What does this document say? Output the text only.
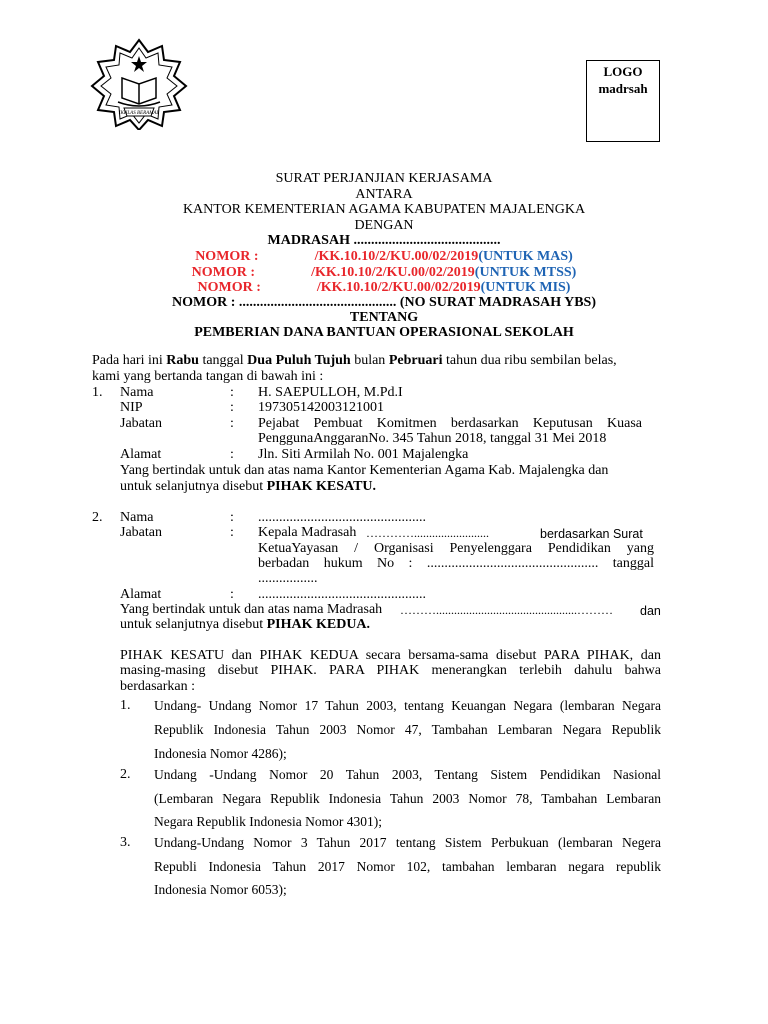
IKHLAS BERAMAL
LOGO
madrsah
SURAT PERJANJIAN KERJASAMA
ANTARA
KANTOR KEMENTERIAN AGAMA KABUPATEN MAJALENGKA
DENGAN
MADRASAH ..........................................
NOMOR :	/KK.10.10/2/KU.00/02/2019(UNTUK MAS)
NOMOR :	/KK.10.10/2/KU.00/02/2019(UNTUK MTSS)
NOMOR :	/KK.10.10/2/KU.00/02/2019(UNTUK MIS)
NOMOR : ............................................. (NO SURAT MADRASAH YBS)
TENTANG
PEMBERIAN DANA BANTUAN OPERASIONAL SEKOLAH
Pada hari ini Rabu tanggal Dua Puluh Tujuh bulan Pebruari tahun dua ribu sembilan belas,
kami yang bertanda tangan di bawah ini :
1. Nama	: H. SAEPULLOH, M.Pd.I
NIP	: 197305142003121001
Jabatan	: Pejabat Pembuat Komitmen berdasarkan Keputusan Kuasa
PenggunaAnggaranNo. 345 Tahun 2018, tanggal 31 Mei 2018
Alamat	: Jln. Siti Armilah No. 001 Majalengka
Yang bertindak untuk dan atas nama Kantor Kementerian Agama Kab. Majalengka dan
untuk selanjutnya disebut PIHAK KESATU.
2. Nama	: ................................................
Jabatan	: Kepala Madrasah ………….........................	berdasarkan Surat
KetuaYayasan / Organisasi Penyelenggara Pendidikan yang
berbadan hukum No : ................................................. tanggal
.................
Alamat	: ................................................
Yang bertindak untuk dan atas nama Madrasah ………...............................................……… dan
untuk selanjutnya disebut PIHAK KEDUA.
PIHAK KESATU dan PIHAK KEDUA secara bersama-sama disebut PARA PIHAK, dan
masing-masing disebut PIHAK. PARA PIHAK menerangkan terlebih dahulu bahwa
berdasarkan :
1. Undang- Undang Nomor 17 Tahun 2003, tentang Keuangan Negara (lembaran Negara
Republik Indonesia Tahun 2003 Nomor 47, Tambahan Lembaran Negara Republik
Indonesia Nomor 4286);
2. Undang -Undang Nomor 20 Tahun 2003, Tentang Sistem Pendidikan Nasional
(Lembaran Negara Republik Indonesia Tahun 2003 Nomor 78, Tambahan Lembaran
Negara Republik Indonesia Nomor 4301);
3. Undang-Undang Nomor 3 Tahun 2017 tentang Sistem Perbukuan (lembaran Negera
Republi Indonesia Tahun 2017 Nomor 102, tambahan lembaran negara republik
Indonesia Nomor 6053);
